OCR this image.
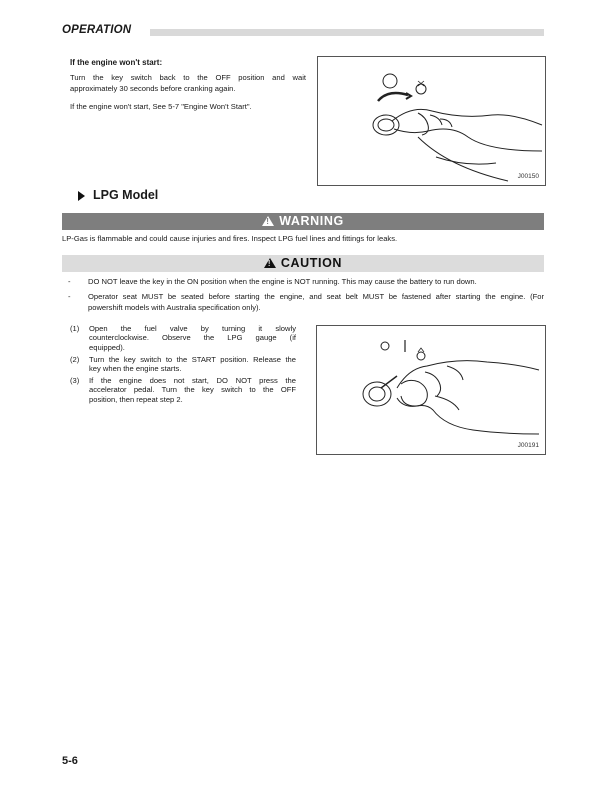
OPERATION
If the engine won't start:
Turn the key switch back to the OFF position and wait
approximately 30 seconds before cranking again.
If the engine won't start, See 5-7 "Engine Won't Start".
J00150
LPG Model
! WARNING
LP-Gas is flammable and could cause injuries and fires. Inspect LPG fuel lines and fittings for leaks.
! CAUTION
- DO NOT leave the key in the ON position when the engine is NOT running. This may cause the battery to run down.
- Operator seat MUST be seated before starting the engine, and seat belt MUST be fastened after starting the engine. (For
powershift models with Australia specification only).
(1) Open the fuel valve by turning it slowly
counterclockwise. Observe the LPG gauge (if
equipped).
(2) Turn the key switch to the START position. Release the
key when the engine starts.
(3) If the engine does not start, DO NOT press the
accelerator pedal. Turn the key switch to the OFF
position, then repeat step 2.
J00191
5-6
